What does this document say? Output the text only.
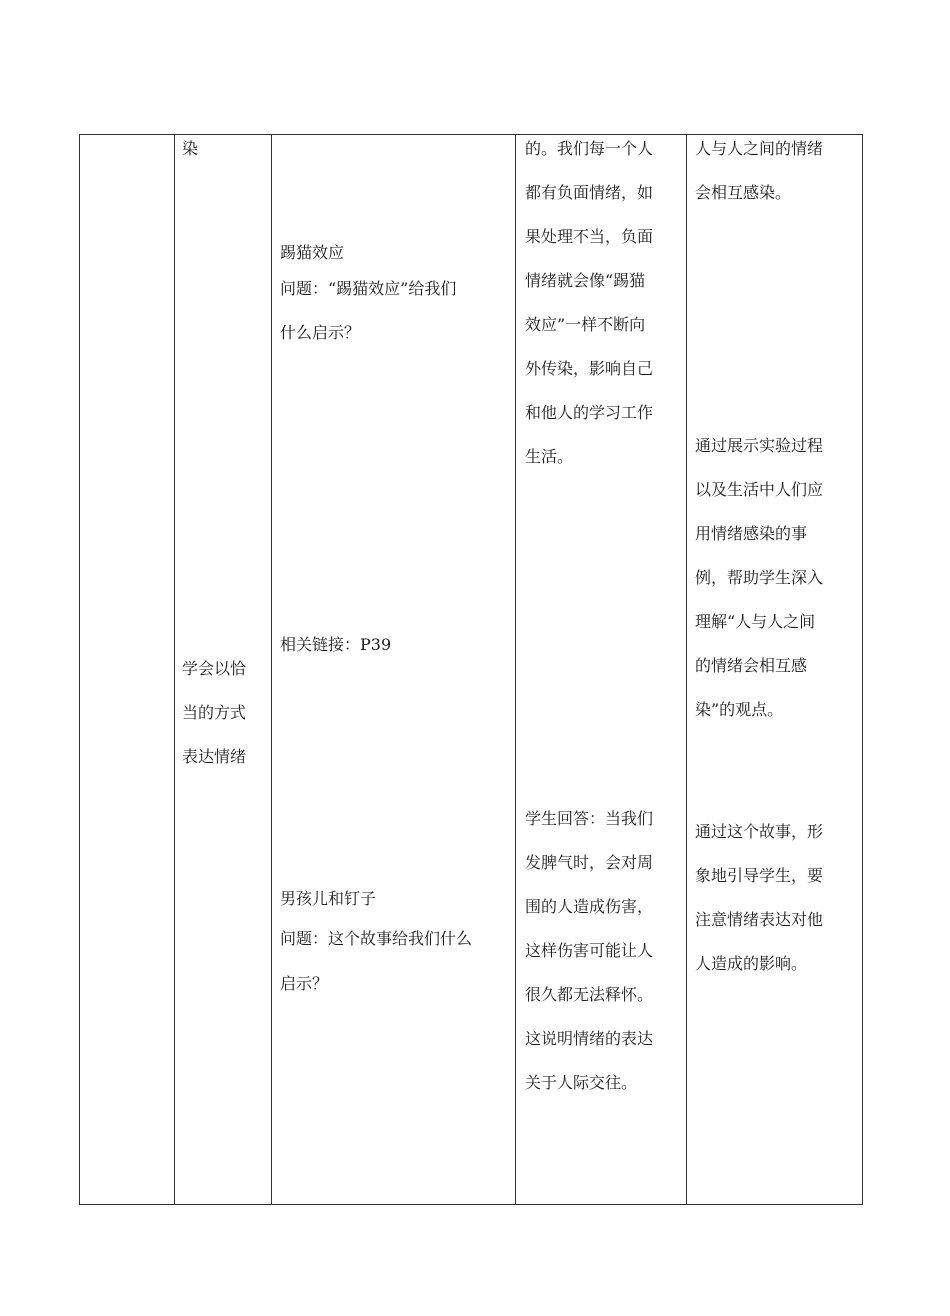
染

学会以恰

当的方式

表达情绪

踢猫效应

问题：“踢猫效应”给我们

什么启示？

相关链接：P39

男孩儿和钉子

问题：这个故事给我们什么

启示？

的。我们每一个人

都有负面情绪，如

果处理不当，负面

情绪就会像“踢猫

效应”一样不断向

外传染，影响自己

和他人的学习工作

生活。

学生回答：当我们

发脾气时，会对周

围的人造成伤害，

这样伤害可能让人

很久都无法释怀。

这说明情绪的表达

关于人际交往。

人与人之间的情绪

会相互感染。

通过展示实验过程

以及生活中人们应

用情绪感染的事

例，帮助学生深入

理解“人与人之间

的情绪会相互感

染”的观点。

通过这个故事，形

象地引导学生，要

注意情绪表达对他

人造成的影响。
